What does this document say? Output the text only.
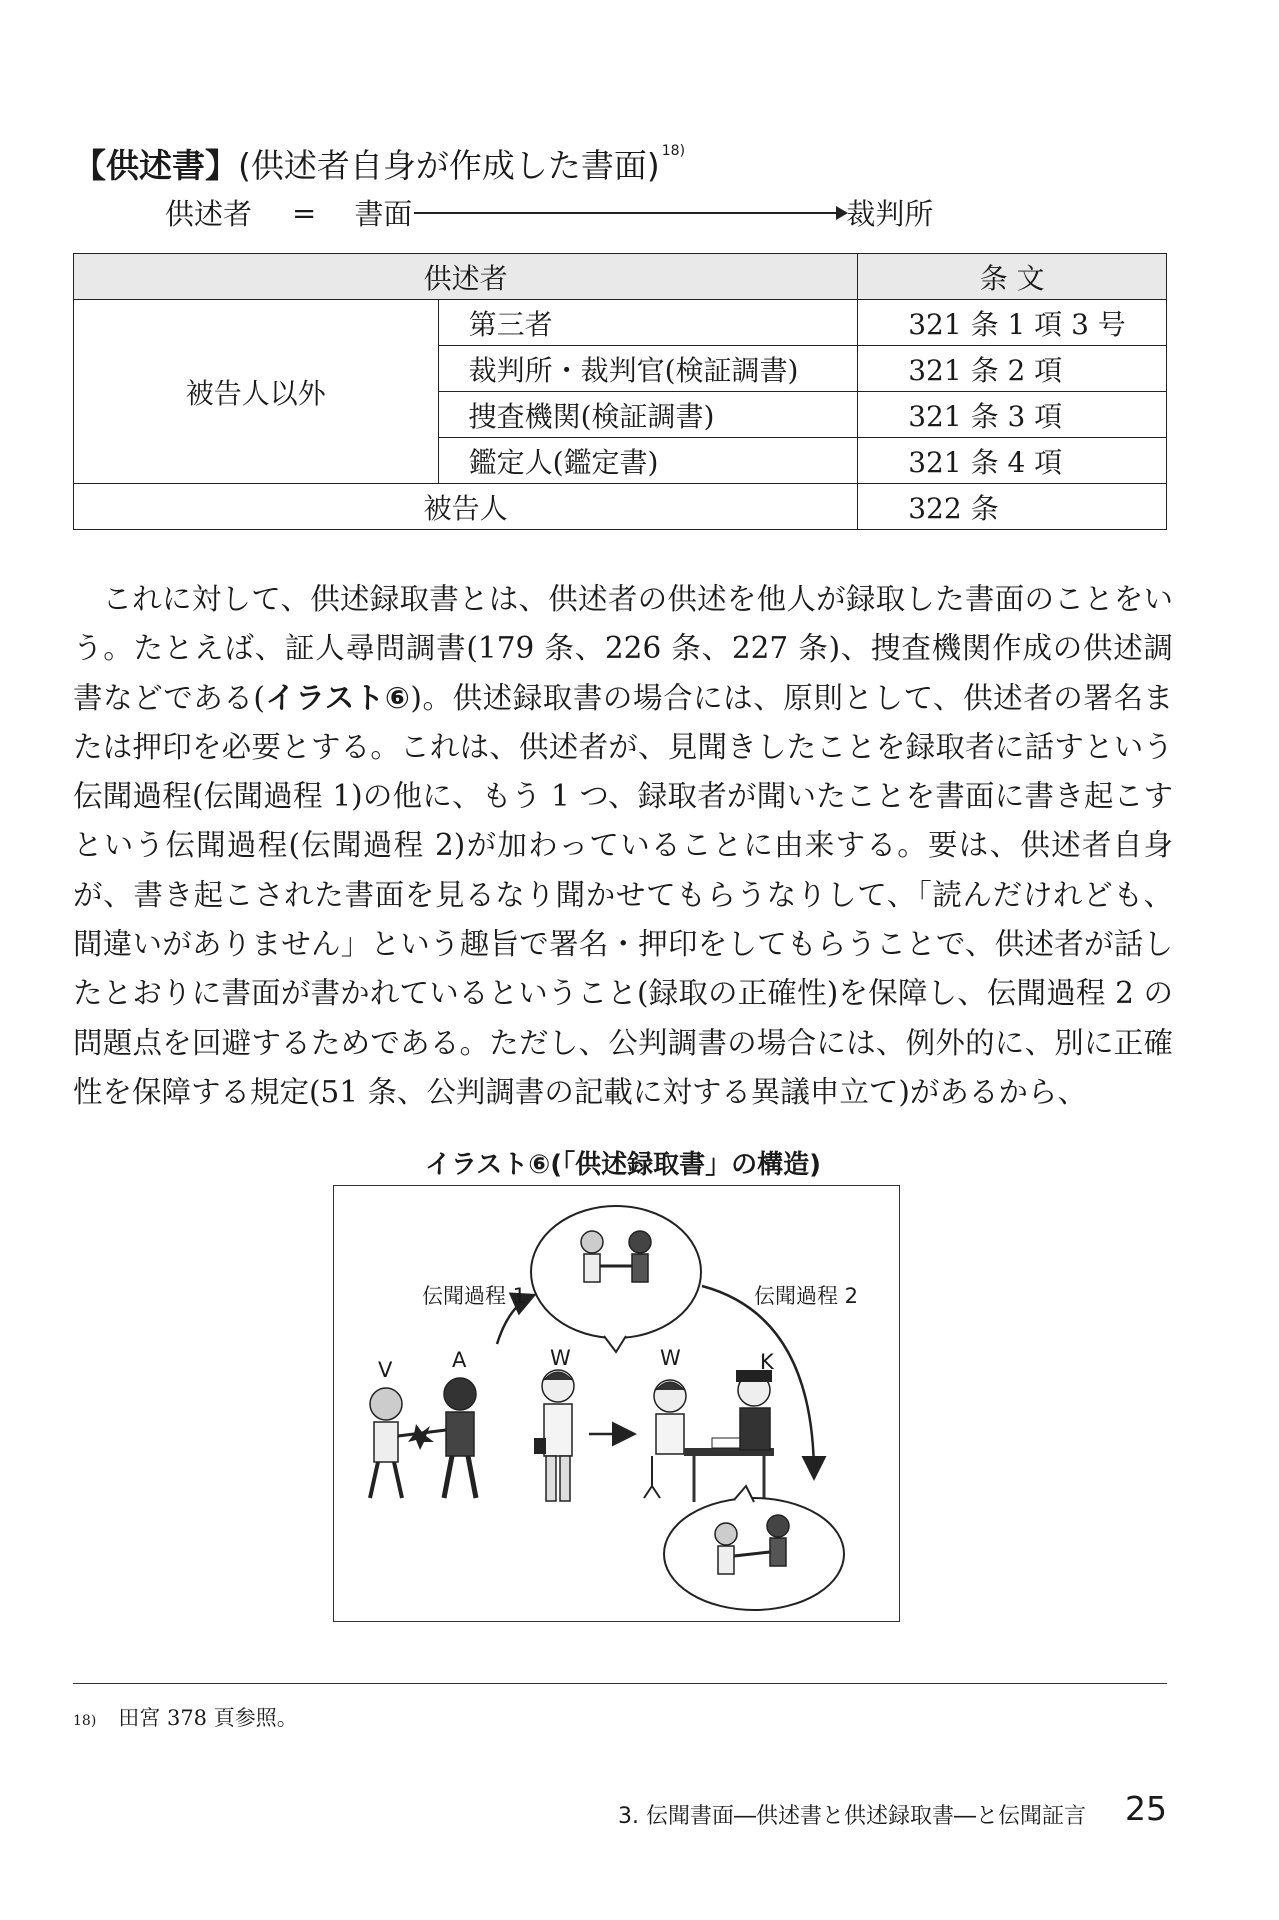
【供述書】(供述者自身が作成した書面) $^{18)}$
供述者 = 書面	裁判所
供述者		条 文
被告人以外	第三者	321 条 1 項 3 号
	裁判所・裁判官(検証調書)	321 条 2 項
	捜査機関(検証調書)	321 条 3 項
	鑑定人(鑑定書)	321 条 4 項
被告人		322 条

これに対して、供述録取書とは、供述者の供述を他人が録取した書面のことをいう。たとえば、証人尋問調書(179 条、226 条、227 条)、捜査機関作成の供述調書などである(イラスト⑥)。供述録取書の場合には、原則として、供述者の署名または押印を必要とする。これは、供述者が、見聞きしたことを録取者に話すという伝聞過程(伝聞過程 1)の他に、もう 1 つ、録取者が聞いたことを書面に書き起こすという伝聞過程(伝聞過程 2)が加わっていることに由来する。要は、供述者自身が、書き起こされた書面を見るなり聞かせてもらうなりして、「読んだけれども、間違いがありません」という趣旨で署名・押印をしてもらうことで、供述者が話したとおりに書面が書かれているということ(録取の正確性)を保障し、伝聞過程 2 の問題点を回避するためである。ただし、公判調書の場合には、例外的に、別に正確性を保障する規定(51 条、公判調書の記載に対する異議申立て)があるから、

イラスト⑥(「供述録取書」の構造)
伝聞過程 1	伝聞過程 2
V	A	W	W	K
18) 田宮 378 頁参照。
3. 伝聞書面―供述書と供述録取書―と伝聞証言 25
